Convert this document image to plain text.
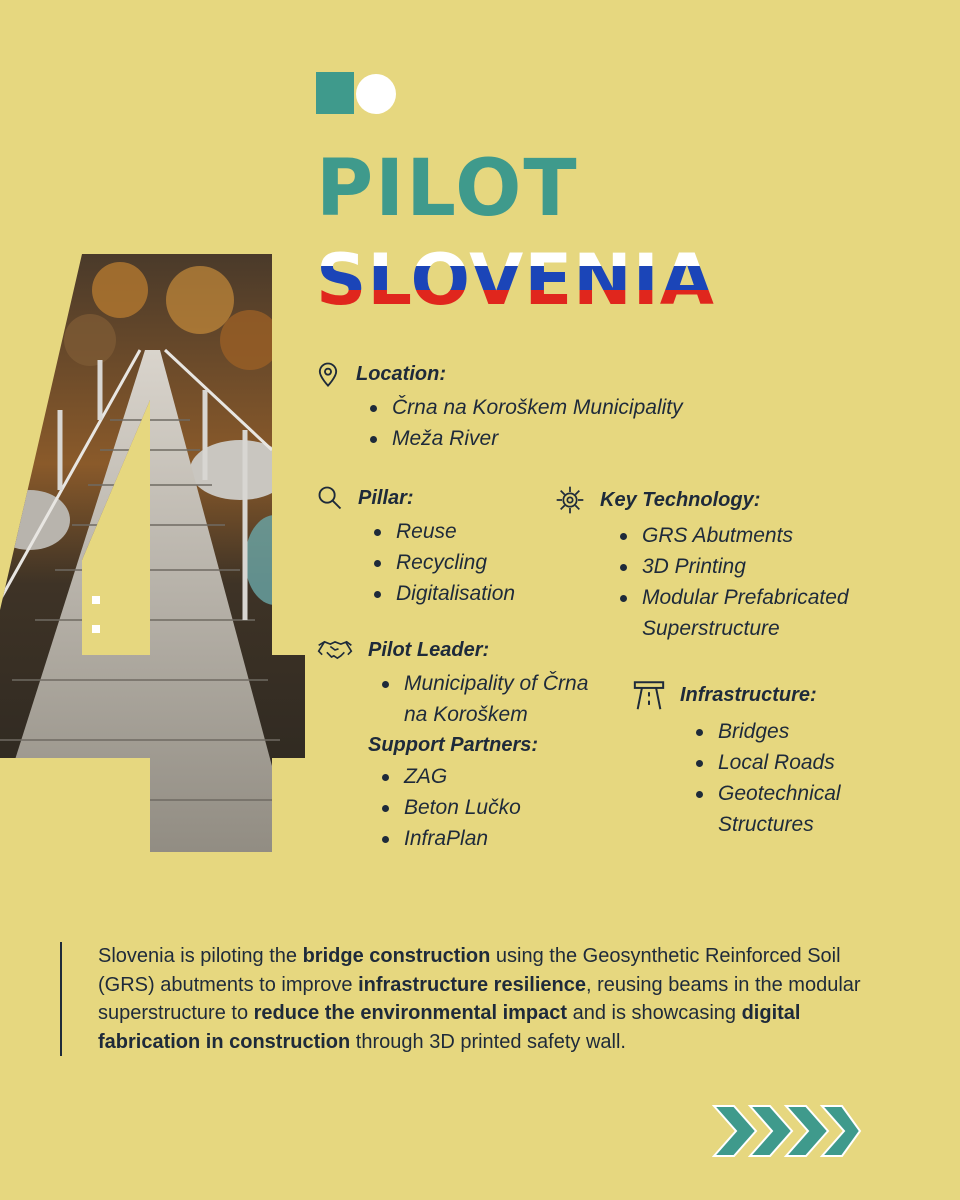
PILOT
SLOVENIA
Location:
Črna na Koroškem Municipality
Meža River
Pillar:
Reuse
Recycling
Digitalisation
Key Technology:
GRS Abutments
3D Printing
Modular Prefabricated Superstructure
Pilot Leader:
Municipality of Črna na Koroškem
Support Partners:
ZAG
Beton Lučko
InfraPlan
Infrastructure:
Bridges
Local Roads
Geotechnical Structures
Slovenia is piloting the bridge construction using the Geosynthetic Reinforced Soil (GRS) abutments to improve infrastructure resilience, reusing beams in the modular superstructure to reduce the environmental impact and is showcasing digital fabrication in construction through 3D printed safety wall.
